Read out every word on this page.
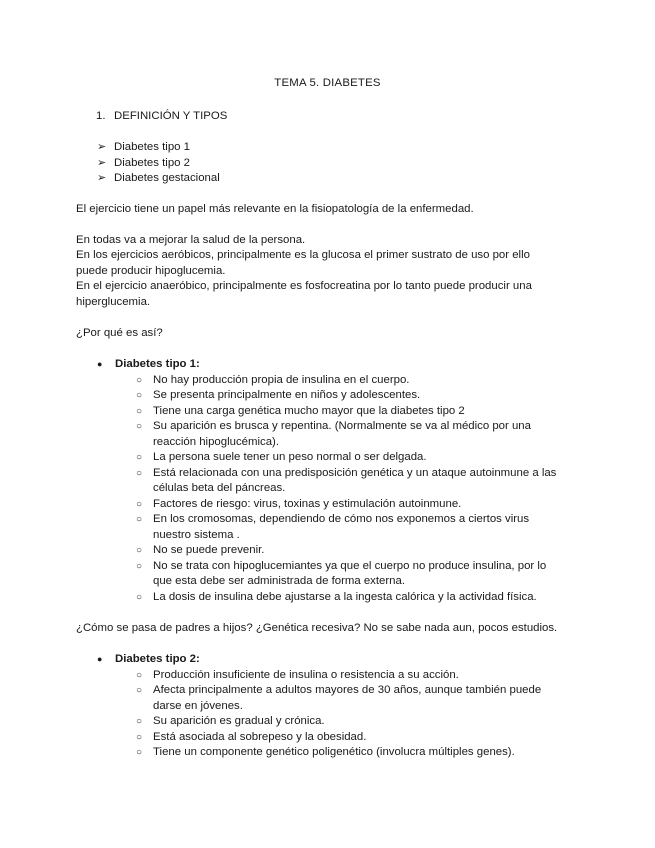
TEMA 5. DIABETES
1. DEFINICIÓN Y TIPOS
➢ Diabetes tipo 1
➢ Diabetes tipo 2
➢ Diabetes gestacional
El ejercicio tiene un papel más relevante en la fisiopatología de la enfermedad.
En todas va a mejorar la salud de la persona.
En los ejercicios aeróbicos, principalmente es la glucosa el primer sustrato de uso por ello
puede producir hipoglucemia.
En el ejercicio anaeróbico, principalmente es fosfocreatina por lo tanto puede producir una
hiperglucemia.
¿Por qué es así?
● Diabetes tipo 1:
○ No hay producción propia de insulina en el cuerpo.
○ Se presenta principalmente en niños y adolescentes.
○ Tiene una carga genética mucho mayor que la diabetes tipo 2
○ Su aparición es brusca y repentina. (Normalmente se va al médico por una
reacción hipoglucémica).
○ La persona suele tener un peso normal o ser delgada.
○ Está relacionada con una predisposición genética y un ataque autoinmune a las
células beta del páncreas.
○ Factores de riesgo: virus, toxinas y estimulación autoinmune.
○ En los cromosomas, dependiendo de cómo nos exponemos a ciertos virus
nuestro sistema .
○ No se puede prevenir.
○ No se trata con hipoglucemiantes ya que el cuerpo no produce insulina, por lo
que esta debe ser administrada de forma externa.
○ La dosis de insulina debe ajustarse a la ingesta calórica y la actividad física.
¿Cómo se pasa de padres a hijos? ¿Genética recesiva? No se sabe nada aun, pocos estudios.
● Diabetes tipo 2:
○ Producción insuficiente de insulina o resistencia a su acción.
○ Afecta principalmente a adultos mayores de 30 años, aunque también puede
darse en jóvenes.
○ Su aparición es gradual y crónica.
○ Está asociada al sobrepeso y la obesidad.
○ Tiene un componente genético poligenético (involucra múltiples genes).
